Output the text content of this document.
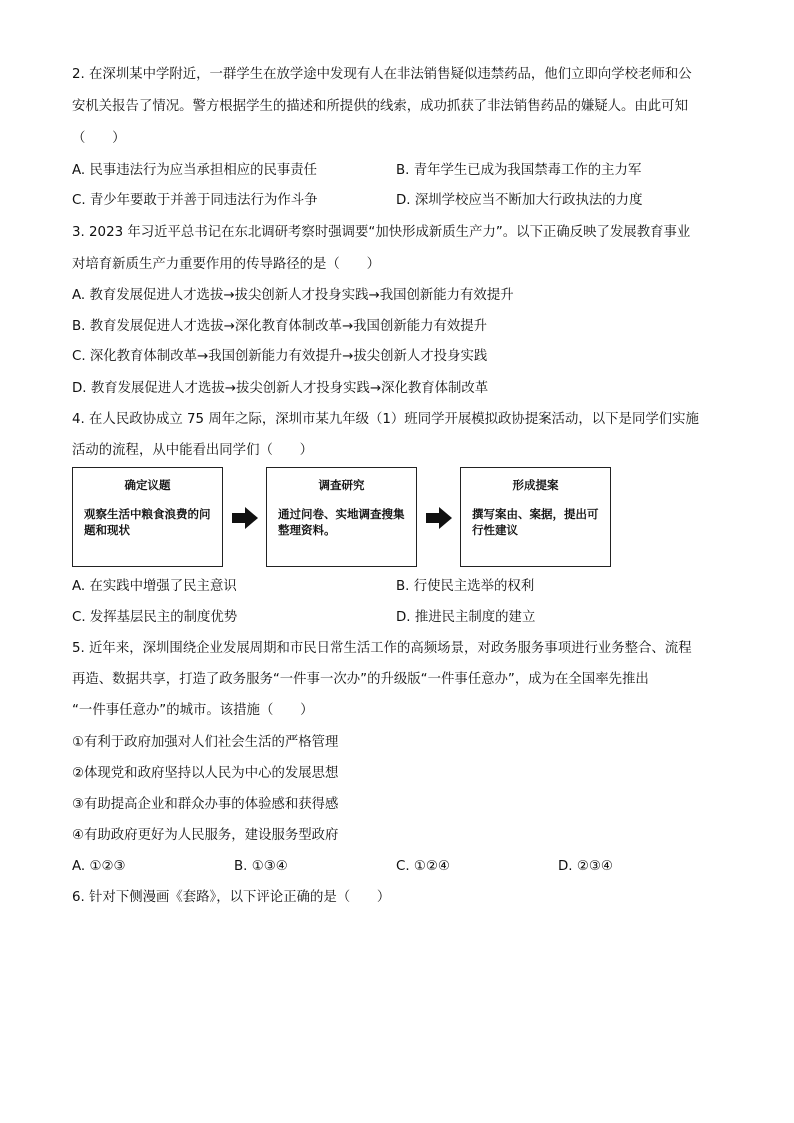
2. 在深圳某中学附近，一群学生在放学途中发现有人在非法销售疑似违禁药品，他们立即向学校老师和公
安机关报告了情况。警方根据学生的描述和所提供的线索，成功抓获了非法销售药品的嫌疑人。由此可知
（　　）
A. 民事违法行为应当承担相应的民事责任	B. 青年学生已成为我国禁毒工作的主力军
C. 青少年要敢于并善于同违法行为作斗争	D. 深圳学校应当不断加大行政执法的力度
3. 2023 年习近平总书记在东北调研考察时强调要“加快形成新质生产力”。以下正确反映了发展教育事业
对培育新质生产力重要作用的传导路径的是（　　）
A. 教育发展促进人才选拔→拔尖创新人才投身实践→我国创新能力有效提升
B. 教育发展促进人才选拔→深化教育体制改革→我国创新能力有效提升
C. 深化教育体制改革→我国创新能力有效提升→拔尖创新人才投身实践
D. 教育发展促进人才选拔→拔尖创新人才投身实践→深化教育体制改革
4. 在人民政协成立 75 周年之际，深圳市某九年级（1）班同学开展模拟政协提案活动，以下是同学们实施
活动的流程，从中能看出同学们（　　）
确定议题
观察生活中粮食浪费的问题和现状
调查研究
通过问卷、实地调查搜集整理资料。
形成提案
撰写案由、案据，提出可行性建议
A. 在实践中增强了民主意识	B. 行使民主选举的权利
C. 发挥基层民主的制度优势	D. 推进民主制度的建立
5. 近年来，深圳围绕企业发展周期和市民日常生活工作的高频场景，对政务服务事项进行业务整合、流程
再造、数据共享，打造了政务服务“一件事一次办”的升级版“一件事任意办”，成为在全国率先推出
“一件事任意办”的城市。该措施（　　）
①有利于政府加强对人们社会生活的严格管理
②体现党和政府坚持以人民为中心的发展思想
③有助提高企业和群众办事的体验感和获得感
④有助政府更好为人民服务，建设服务型政府
A. ①②③	B. ①③④	C. ①②④	D. ②③④
6. 针对下侧漫画《套路》，以下评论正确的是（　　）
